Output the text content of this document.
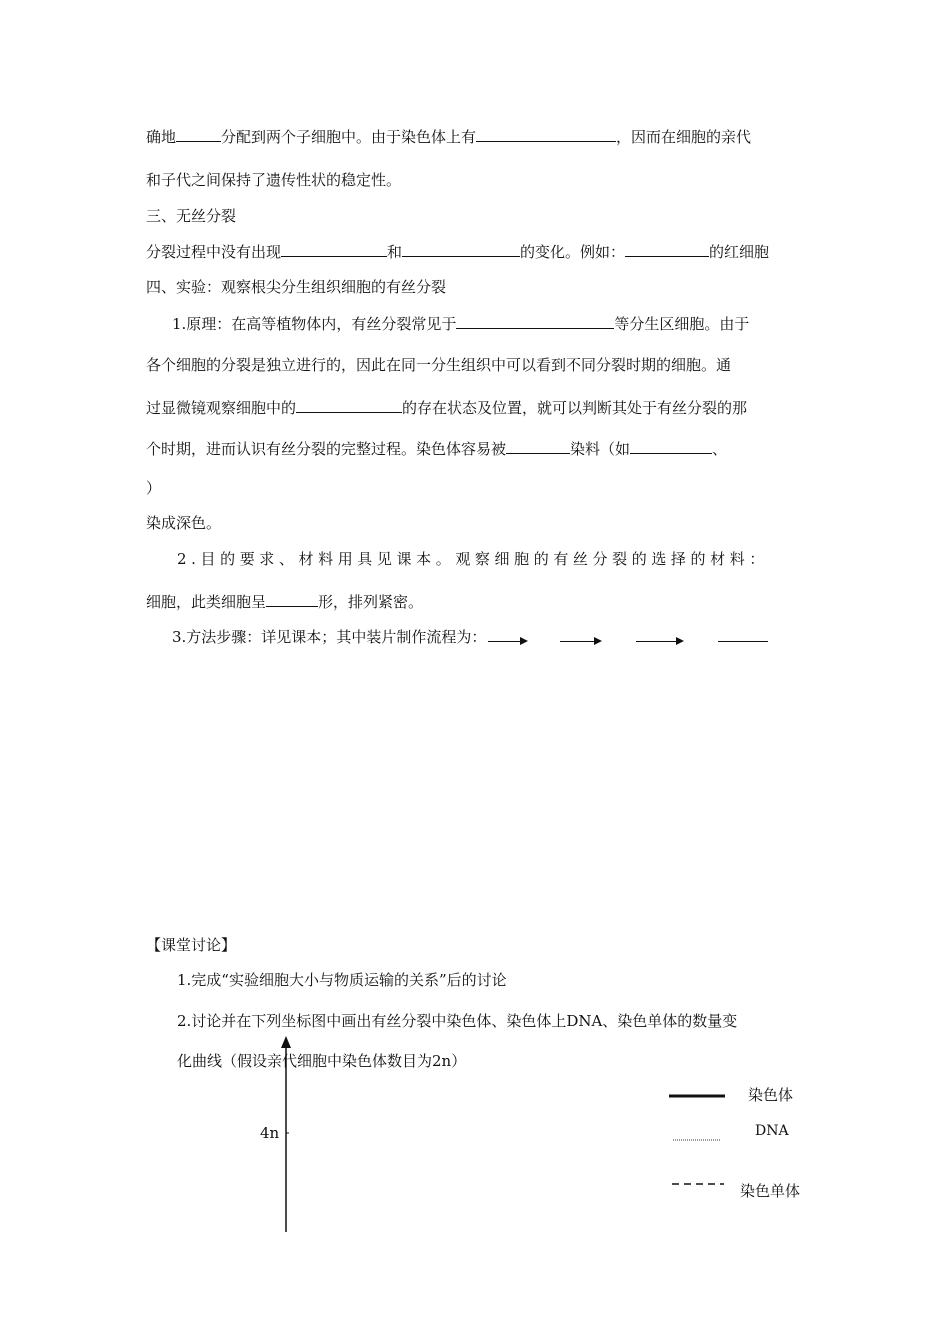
确地	分配到两个子细胞中。由于染色体上有	，因而在细胞的亲代
和子代之间保持了遗传性状的稳定性。
三、无丝分裂
分裂过程中没有出现	和	的变化。例如：	的红细胞
四、实验：观察根尖分生组织细胞的有丝分裂
1.原理：在高等植物体内，有丝分裂常见于	等分生区细胞。由于
各个细胞的分裂是独立进行的，因此在同一分生组织中可以看到不同分裂时期的细胞。通
过显微镜观察细胞中的	的存在状态及位置，就可以判断其处于有丝分裂的那
个时期，进而认识有丝分裂的完整过程。染色体容易被	染料（如	、
）
染成深色。
2.目的要求、材料用具见课本。观察细胞的有丝分裂的选择的材料：
细胞，此类细胞呈	形，排列紧密。
3.方法步骤：详见课本；其中装片制作流程为：
【课堂讨论】
1.完成“实验细胞大小与物质运输的关系”后的讨论
2.讨论并在下列坐标图中画出有丝分裂中染色体、染色体上DNA、染色单体的数量变
化曲线（假设亲代细胞中染色体数目为2n）
4n
染色体
DNA
染色单体
